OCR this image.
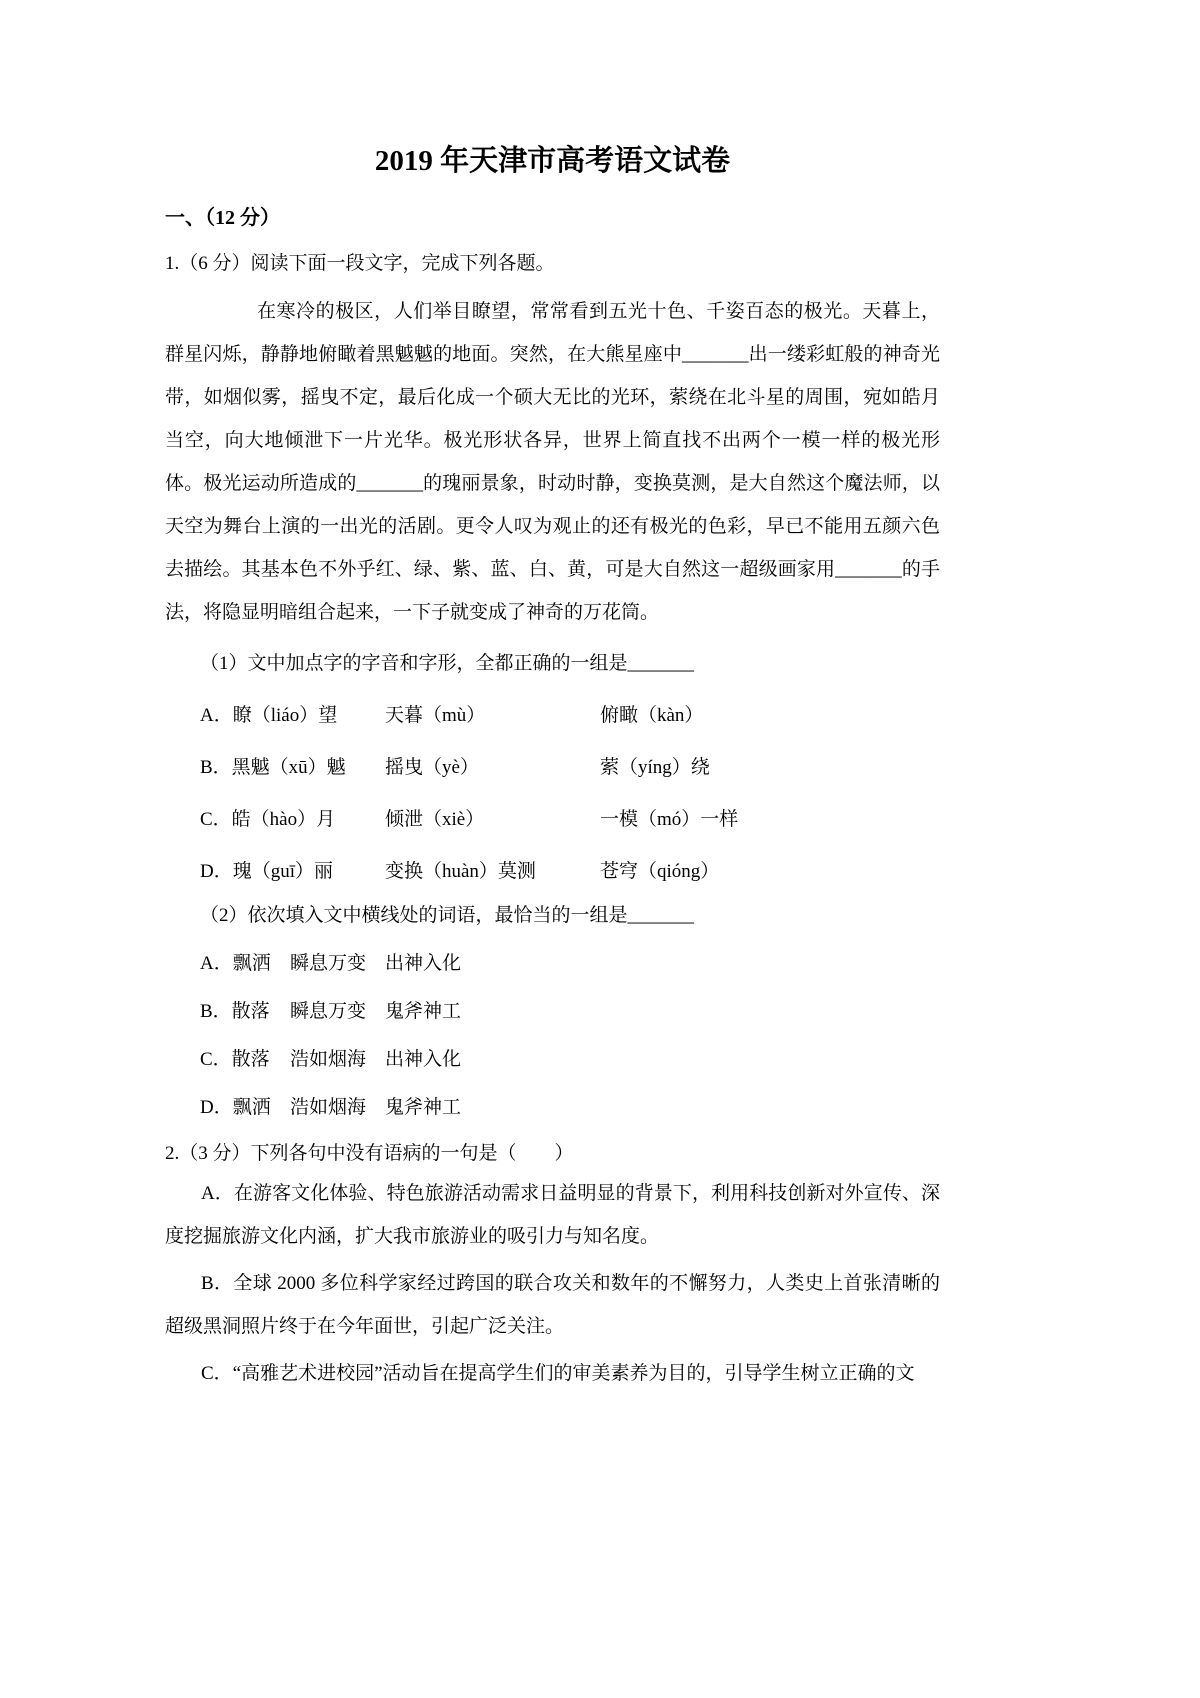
2019 年天津市高考语文试卷

一、（12 分）

1.（6 分）阅读下面一段文字，完成下列各题。

在寒冷的极区，人们举目瞭望，常常看到五光十色、千姿百态的极光。天暮上，群星闪烁，静静地俯瞰着黑魆魆的地面。突然，在大熊星座中_______出一缕彩虹般的神奇光带，如烟似雾，摇曳不定，最后化成一个硕大无比的光环，萦绕在北斗星的周围，宛如皓月当空，向大地倾泄下一片光华。极光形状各异，世界上简直找不出两个一模一样的极光形体。极光运动所造成的_______的瑰丽景象，时动时静，变换莫测，是大自然这个魔法师，以天空为舞台上演的一出光的活剧。更令人叹为观止的还有极光的色彩，早已不能用五颜六色去描绘。其基本色不外乎红、绿、紫、蓝、白、黄，可是大自然这一超级画家用_______的手法，将隐显明暗组合起来，一下子就变成了神奇的万花筒。

（1）文中加点字的字音和字形，全都正确的一组是_______

A．瞭（liáo）望	天暮（mù）	俯瞰（kàn）
B．黑魆（xū）魆	摇曳（yè）	萦（yíng）绕
C．皓（hào）月	倾泄（xiè）	一模（mó）一样
D．瑰（guī）丽	变换（huàn）莫测	苍穹（qióng）

（2）依次填入文中横线处的词语，最恰当的一组是_______

A．飘洒	瞬息万变 出神入化
B．散落	瞬息万变 鬼斧神工
C．散落	浩如烟海 出神入化
D．飘洒	浩如烟海 鬼斧神工

2.（3 分）下列各句中没有语病的一句是（　　）

A．在游客文化体验、特色旅游活动需求日益明显的背景下，利用科技创新对外宣传、深度挖掘旅游文化内涵，扩大我市旅游业的吸引力与知名度。

B．全球 2000 多位科学家经过跨国的联合攻关和数年的不懈努力，人类史上首张清晰的超级黑洞照片终于在今年面世，引起广泛关注。

C．“高雅艺术进校园”活动旨在提高学生们的审美素养为目的，引导学生树立正确的文
